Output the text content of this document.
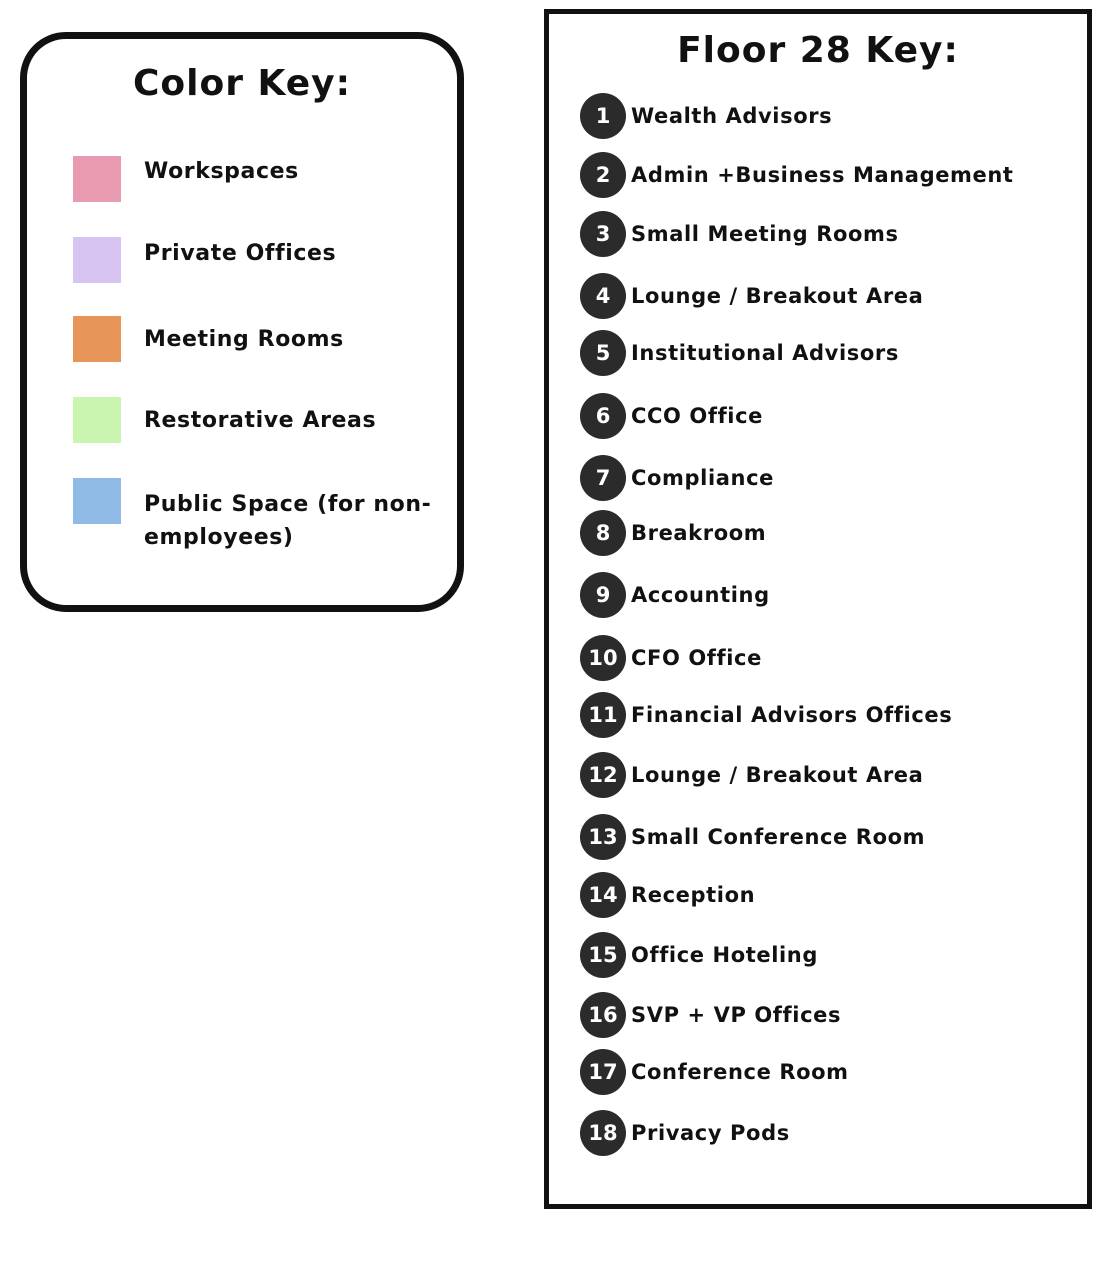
Color Key:
Workspaces
Private Offices
Meeting Rooms
Restorative Areas
Public Space (for non-employees)
Floor 28 Key:
1 Wealth Advisors
2 Admin +Business Management
3 Small Meeting Rooms
4 Lounge / Breakout Area
5 Institutional Advisors
6 CCO Office
7 Compliance
8 Breakroom
9 Accounting
10 CFO Office
11 Financial Advisors Offices
12 Lounge / Breakout Area
13 Small Conference Room
14 Reception
15 Office Hoteling
16 SVP + VP Offices
17 Conference Room
18 Privacy Pods
